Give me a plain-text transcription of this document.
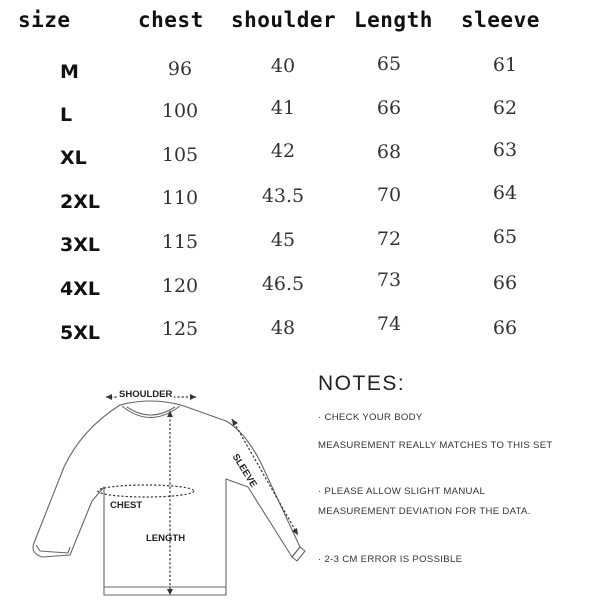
size	chest shoulder Length sleeve
M	96	40	65	61
L	100	41	66	62
XL	105	42	68	63
2XL	110	43.5	70	64
3XL	115	45	72	65
4XL	120	46.5	73	66
5XL	125	48	74	66
SHOULDER
SLEEVE
CHEST
LENGTH
NOTES:
· CHECK YOUR BODY
MEASUREMENT REALLY MATCHES TO THIS SET
· PLEASE ALLOW SLIGHT MANUAL
MEASUREMENT DEVIATION FOR THE DATA.
· 2-3 CM ERROR IS POSSIBLE
